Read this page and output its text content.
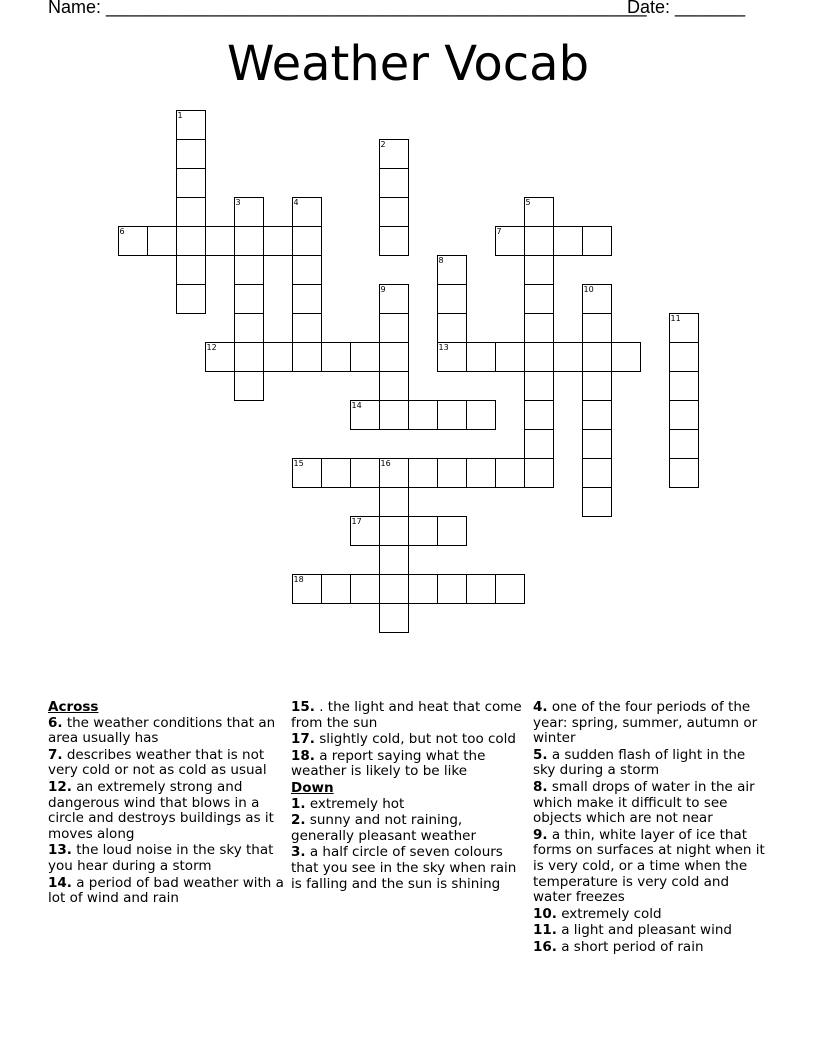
Name: ______________________________________________________
Date: _______
Weather Vocab
1
2
3	4	5
6	7
8
13
9	10
11
12
14
15	16
17
18

Across

6. the weather conditions that an area usually has

7. describes weather that is not very cold or not as cold as usual

12. an extremely strong and dangerous wind that blows in a circle and destroys buildings as it moves along

13. the loud noise in the sky that you hear during a storm

14. a period of bad weather with a lot of wind and rain

15. . the light and heat that come from the sun

17. slightly cold, but not too cold

18. a report saying what the weather is likely to be like

Down

1. extremely hot

2. sunny and not raining, generally pleasant weather

3. a half circle of seven colours that you see in the sky when rain is falling and the sun is shining

4. one of the four periods of the year: spring, summer, autumn or winter

5. a sudden flash of light in the sky during a storm

8. small drops of water in the air which make it difficult to see objects which are not near

9. a thin, white layer of ice that forms on surfaces at night when it is very cold, or a time when the temperature is very cold and water freezes

10. extremely cold

11. a light and pleasant wind

16. a short period of rain
